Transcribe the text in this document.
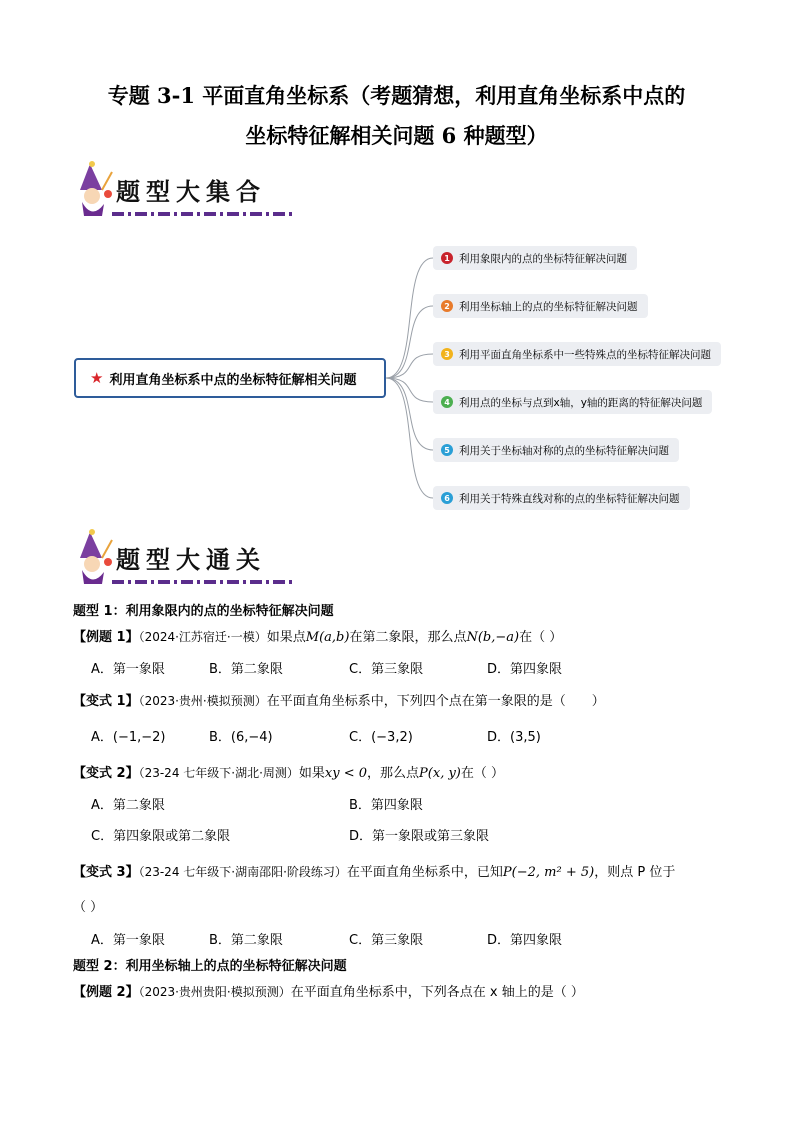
专题 3-1 平面直角坐标系（考题猜想，利用直角坐标系中点的
坐标特征解相关问题 6 种题型）
题型大集合
★ 利用直角坐标系中点的坐标特征解相关问题
1 利用象限内的点的坐标特征解决问题
2 利用坐标轴上的点的坐标特征解决问题
3 利用平面直角坐标系中一些特殊点的坐标特征解决问题
4 利用点的坐标与点到x轴，y轴的距离的特征解决问题
5 利用关于坐标轴对称的点的坐标特征解决问题
6 利用关于特殊直线对称的点的坐标特征解决问题
题型大通关
题型 1：利用象限内的点的坐标特征解决问题
【例题 1】（2024·江苏宿迁·一模）如果点M(a,b)在第二象限，那么点N(b,−a)在（ ）
A．第一象限	B．第二象限	C．第三象限	D．第四象限
【变式 1】（2023·贵州·模拟预测）在平面直角坐标系中，下列四个点在第一象限的是（　　）
A．(−1,−2)	B．(6,−4)	C．(−3,2)	D．(3,5)
【变式 2】（23-24 七年级下·湖北·周测）如果xy < 0，那么点P(x, y)在（ ）
A．第二象限	B．第四象限
C．第四象限或第二象限	D．第一象限或第三象限
【变式 3】（23-24 七年级下·湖南邵阳·阶段练习）在平面直角坐标系中，已知P(−2, m² + 5)，则点 P 位于
（ ）
A．第一象限	B．第二象限	C．第三象限	D．第四象限
题型 2：利用坐标轴上的点的坐标特征解决问题
【例题 2】（2023·贵州贵阳·模拟预测）在平面直角坐标系中，下列各点在 x 轴上的是（ ）
